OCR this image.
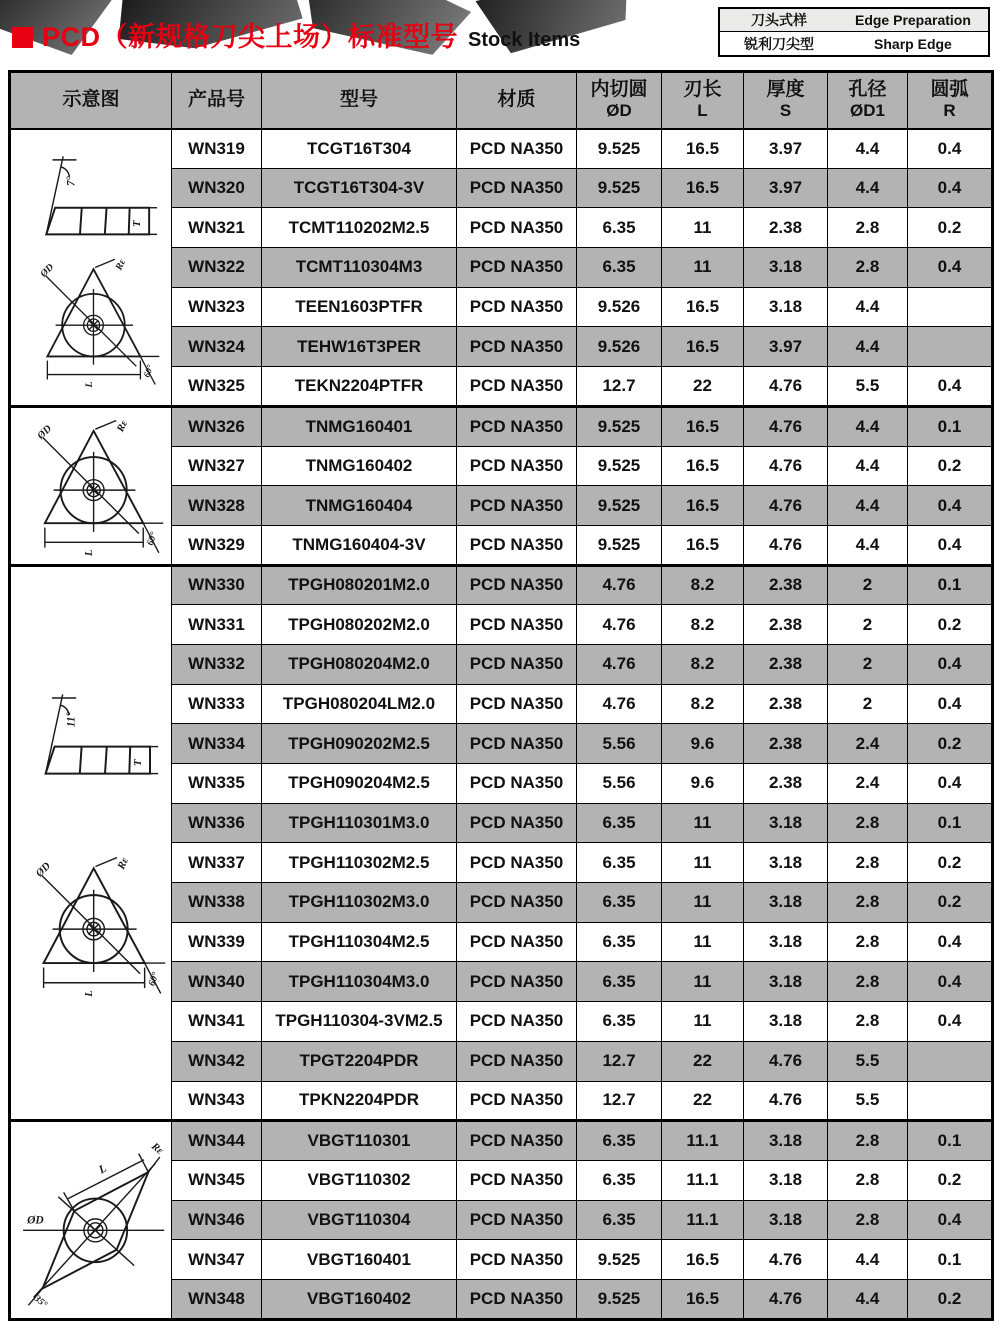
PCD（新规格刀尖上场）标准型号 Stock Items
刀头式样	Edge Preparation
锐利刀尖型	Sharp Edge
示意图	产品号	型号	材质	内切圆
ØD

刃长
L

厚度
S

孔径
ØD1

圆弧
R

7°
T
Rε
ØD
60°
L
	WN319	TCGT16T304	PCD NA350	9.525	16.5	3.97	4.4	0.4
	WN320	TCGT16T304-3V	PCD NA350	9.525	16.5	3.97	4.4	0.4
	WN321	TCMT110202M2.5	PCD NA350	6.35	11	2.38	2.8	0.2
	WN322	TCMT110304M3	PCD NA350	6.35	11	3.18	2.8	0.4
	WN323	TEEN1603PTFR	PCD NA350	9.526	16.5	3.18	4.4	
	WN324	TEHW16T3PER	PCD NA350	9.526	16.5	3.97	4.4	
	WN325	TEKN2204PTFR	PCD NA350	12.7	22	4.76	5.5	0.4

Rε
ØD
60°
L	WN326	TNMG160401	PCD NA350	9.525	16.5	4.76	4.4	0.1
	WN327	TNMG160402	PCD NA350	9.525	16.5	4.76	4.4	0.2
	WN328	TNMG160404	PCD NA350	9.525	16.5	4.76	4.4	0.4
	WN329	TNMG160404-3V	PCD NA350	9.525	16.5	4.76	4.4	0.4

11°
T
Rε
ØD
60°
L
	WN330	TPGH080201M2.0	PCD NA350	4.76	8.2	2.38	2	0.1
	WN331	TPGH080202M2.0	PCD NA350	4.76	8.2	2.38	2	0.2
	WN332	TPGH080204M2.0	PCD NA350	4.76	8.2	2.38	2	0.4
	WN333	TPGH080204LM2.0	PCD NA350	4.76	8.2	2.38	2	0.4
	WN334	TPGH090202M2.5	PCD NA350	5.56	9.6	2.38	2.4	0.2
	WN335	TPGH090204M2.5	PCD NA350	5.56	9.6	2.38	2.4	0.4
	WN336	TPGH110301M3.0	PCD NA350	6.35	11	3.18	2.8	0.1
	WN337	TPGH110302M2.5	PCD NA350	6.35	11	3.18	2.8	0.2
	WN338	TPGH110302M3.0	PCD NA350	6.35	11	3.18	2.8	0.2
	WN339	TPGH110304M2.5	PCD NA350	6.35	11	3.18	2.8	0.4
	WN340	TPGH110304M3.0	PCD NA350	6.35	11	3.18	2.8	0.4
	WN341	TPGH110304-3VM2.5	PCD NA350	6.35	11	3.18	2.8	0.4
	WN342	TPGT2204PDR	PCD NA350	12.7	22	4.76	5.5	
	WN343	TPKN2204PDR	PCD NA350	12.7	22	4.76	5.5	

ØD
L
Rε
35°	WN344	VBGT110301	PCD NA350	6.35	11.1	3.18	2.8	0.1
	WN345	VBGT110302	PCD NA350	6.35	11.1	3.18	2.8	0.2
	WN346	VBGT110304	PCD NA350	6.35	11.1	3.18	2.8	0.4
	WN347	VBGT160401	PCD NA350	9.525	16.5	4.76	4.4	0.1
	WN348	VBGT160402	PCD NA350	9.525	16.5	4.76	4.4	0.2
